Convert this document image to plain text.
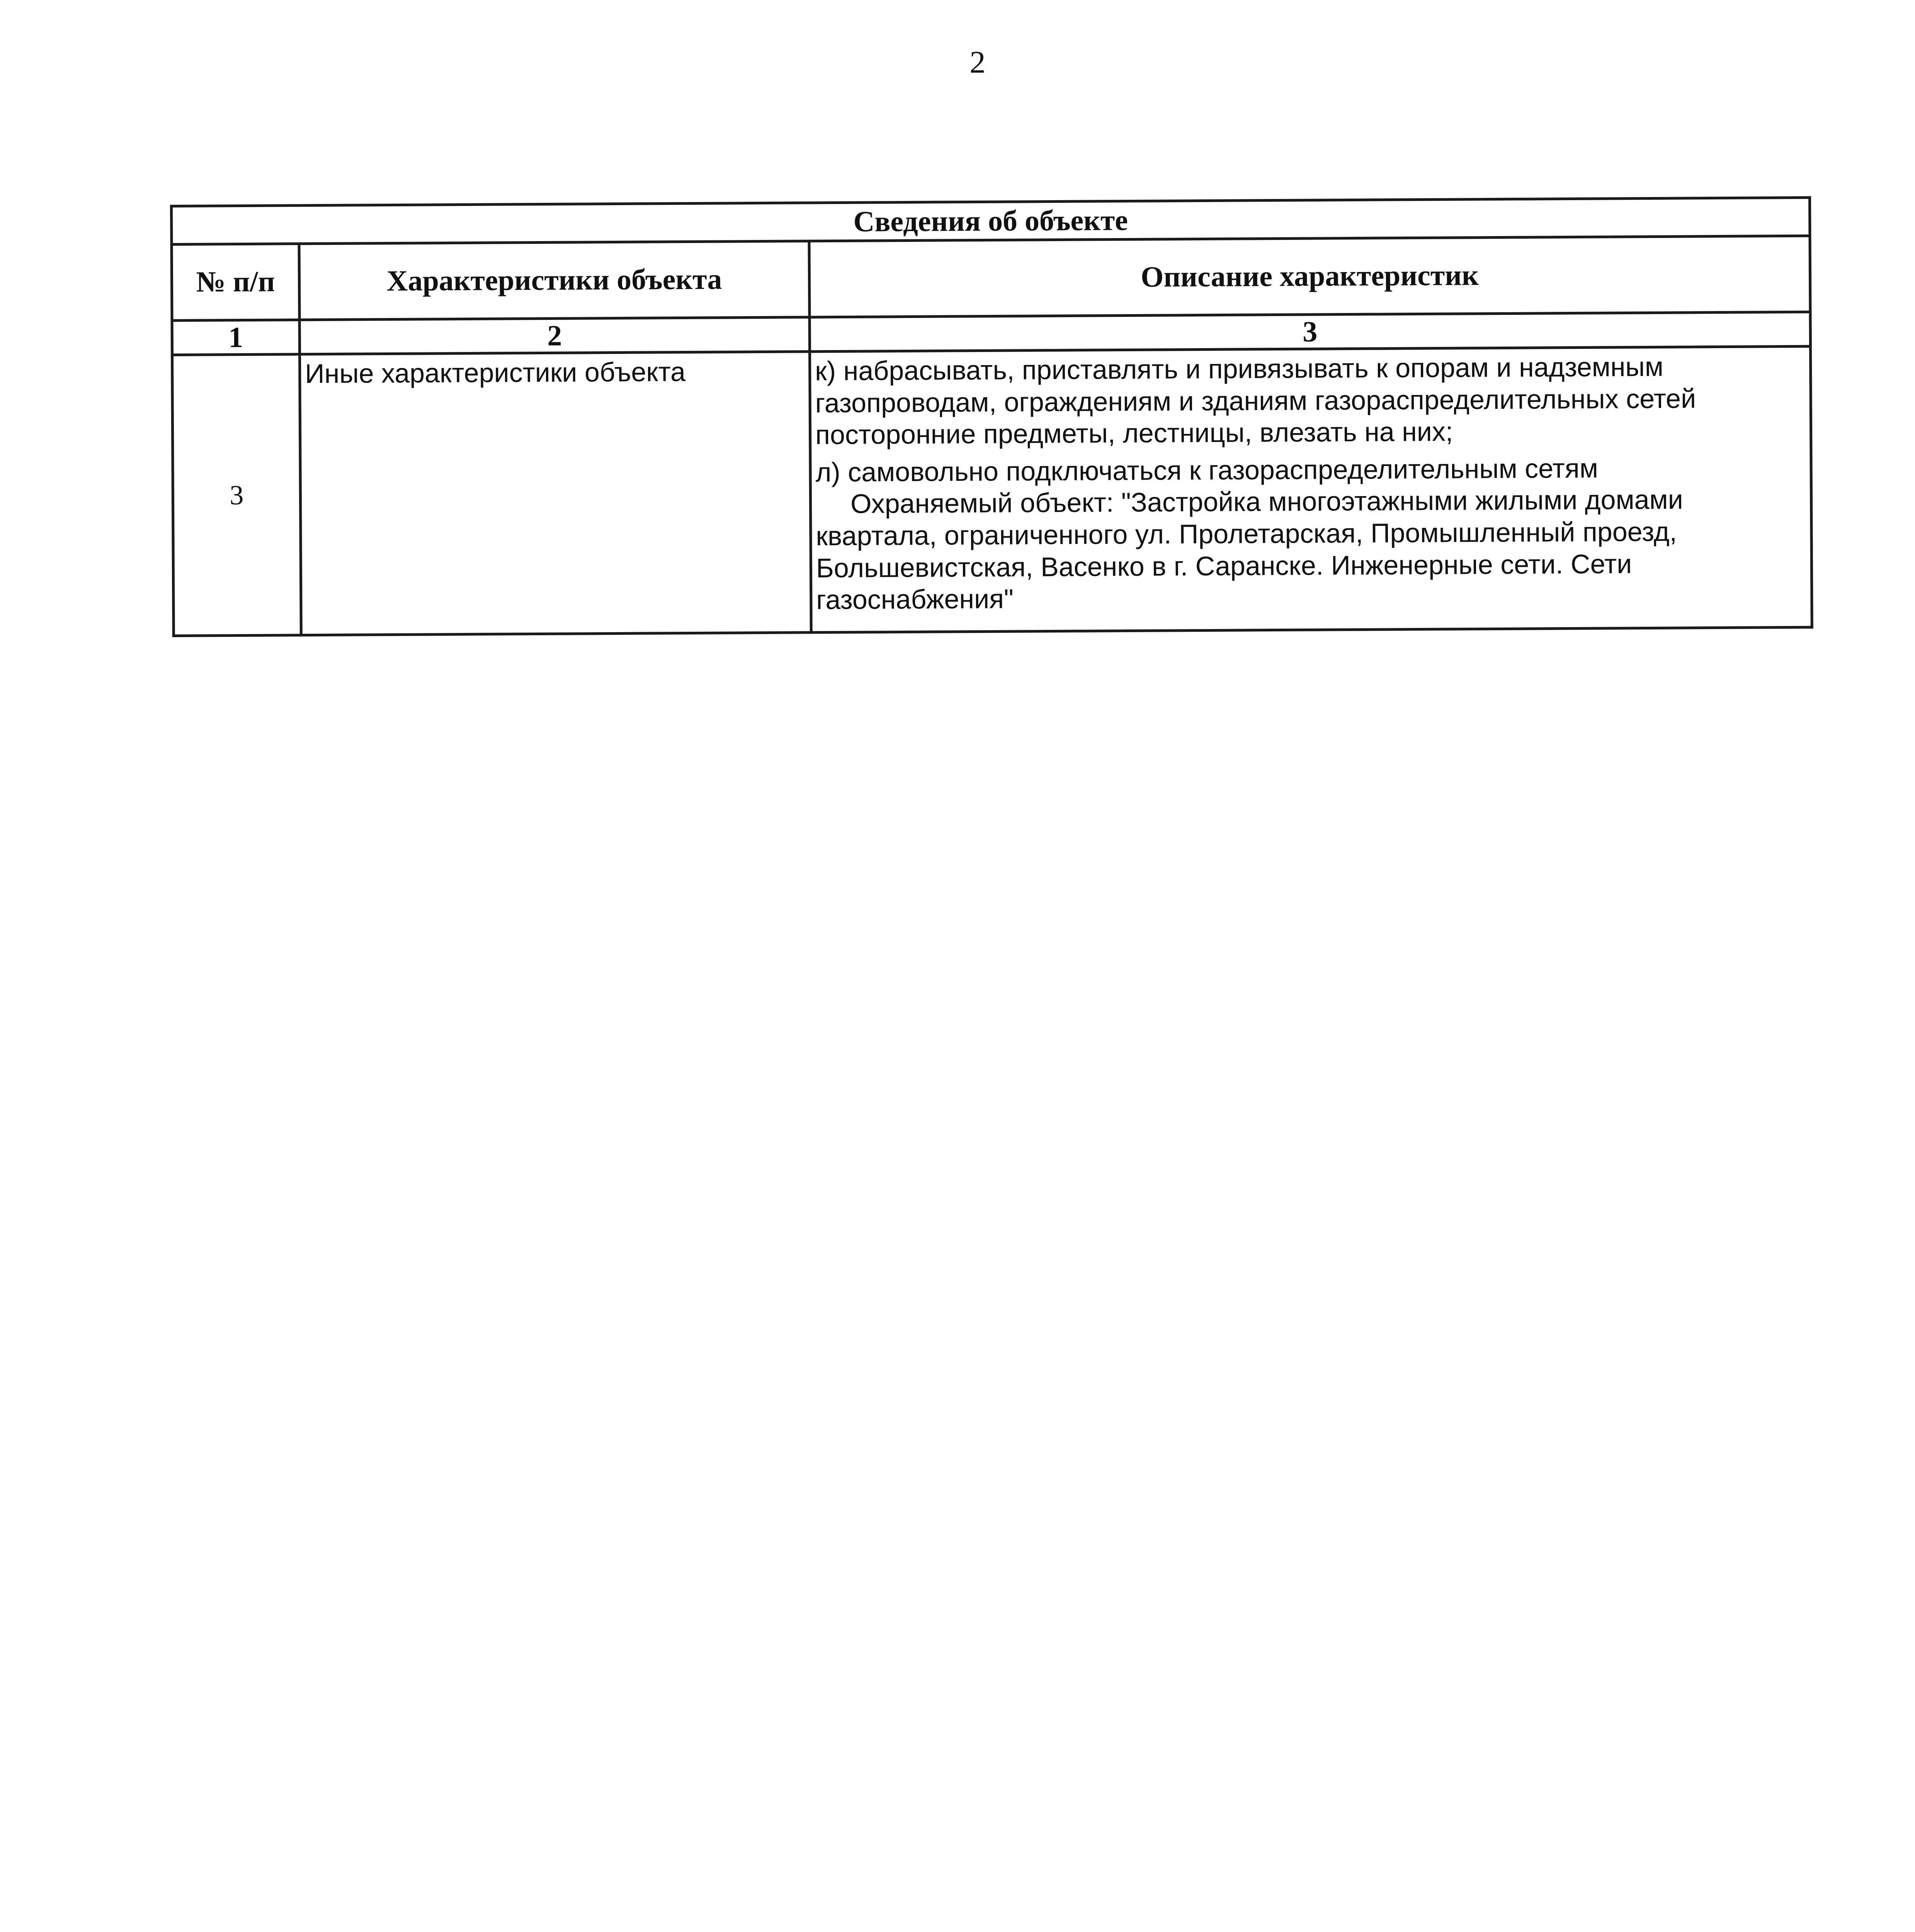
2
Сведения об объекте		
№ п/п	Характеристики объекта	Описание характеристик
1	2	3
3	Иные характеристики объекта	к) набрасывать, приставлять и привязывать к опорам и надземным газопроводам, ограждениям и зданиям газораспределительных сетей посторонние предметы, лестницы, влезать на них;

л) самовольно подключаться к газораспределительным сетям

Охраняемый объект: "Застройка многоэтажными жилыми домами квартала, ограниченного ул. Пролетарская, Промышленный проезд, Большевистская, Васенко в г. Саранске. Инженерные сети. Сети газоснабжения"
